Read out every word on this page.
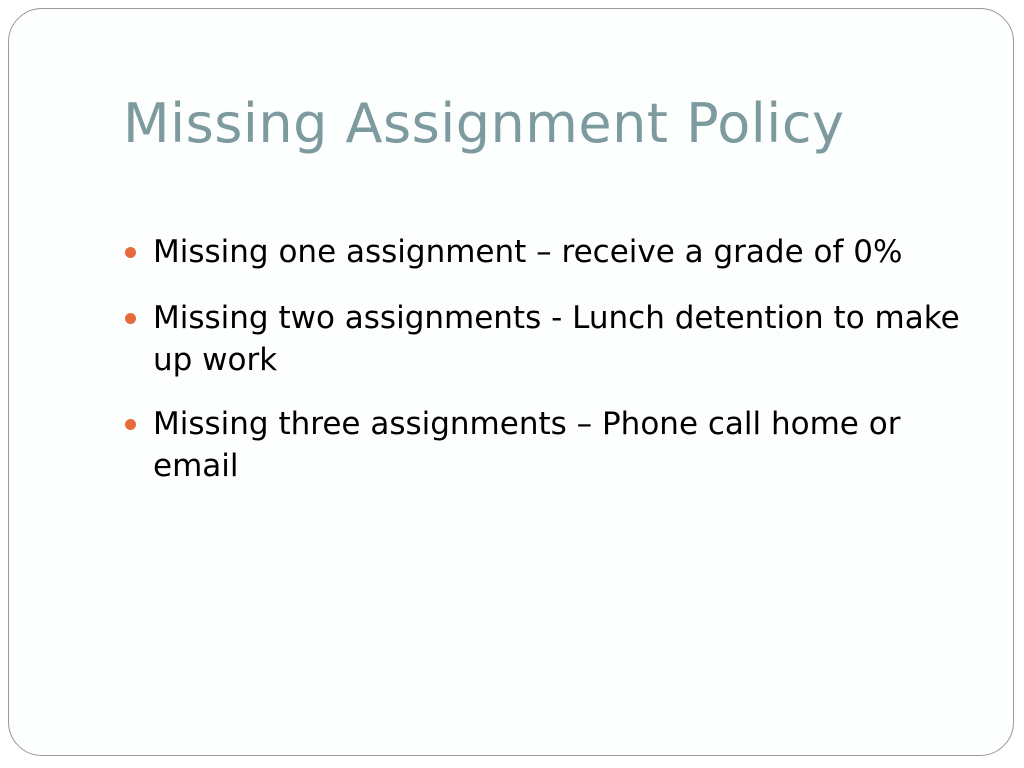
Missing Assignment Policy
Missing one assignment – receive a grade of 0%
Missing two assignments - Lunch detention to make up work
Missing three assignments – Phone call home or email
